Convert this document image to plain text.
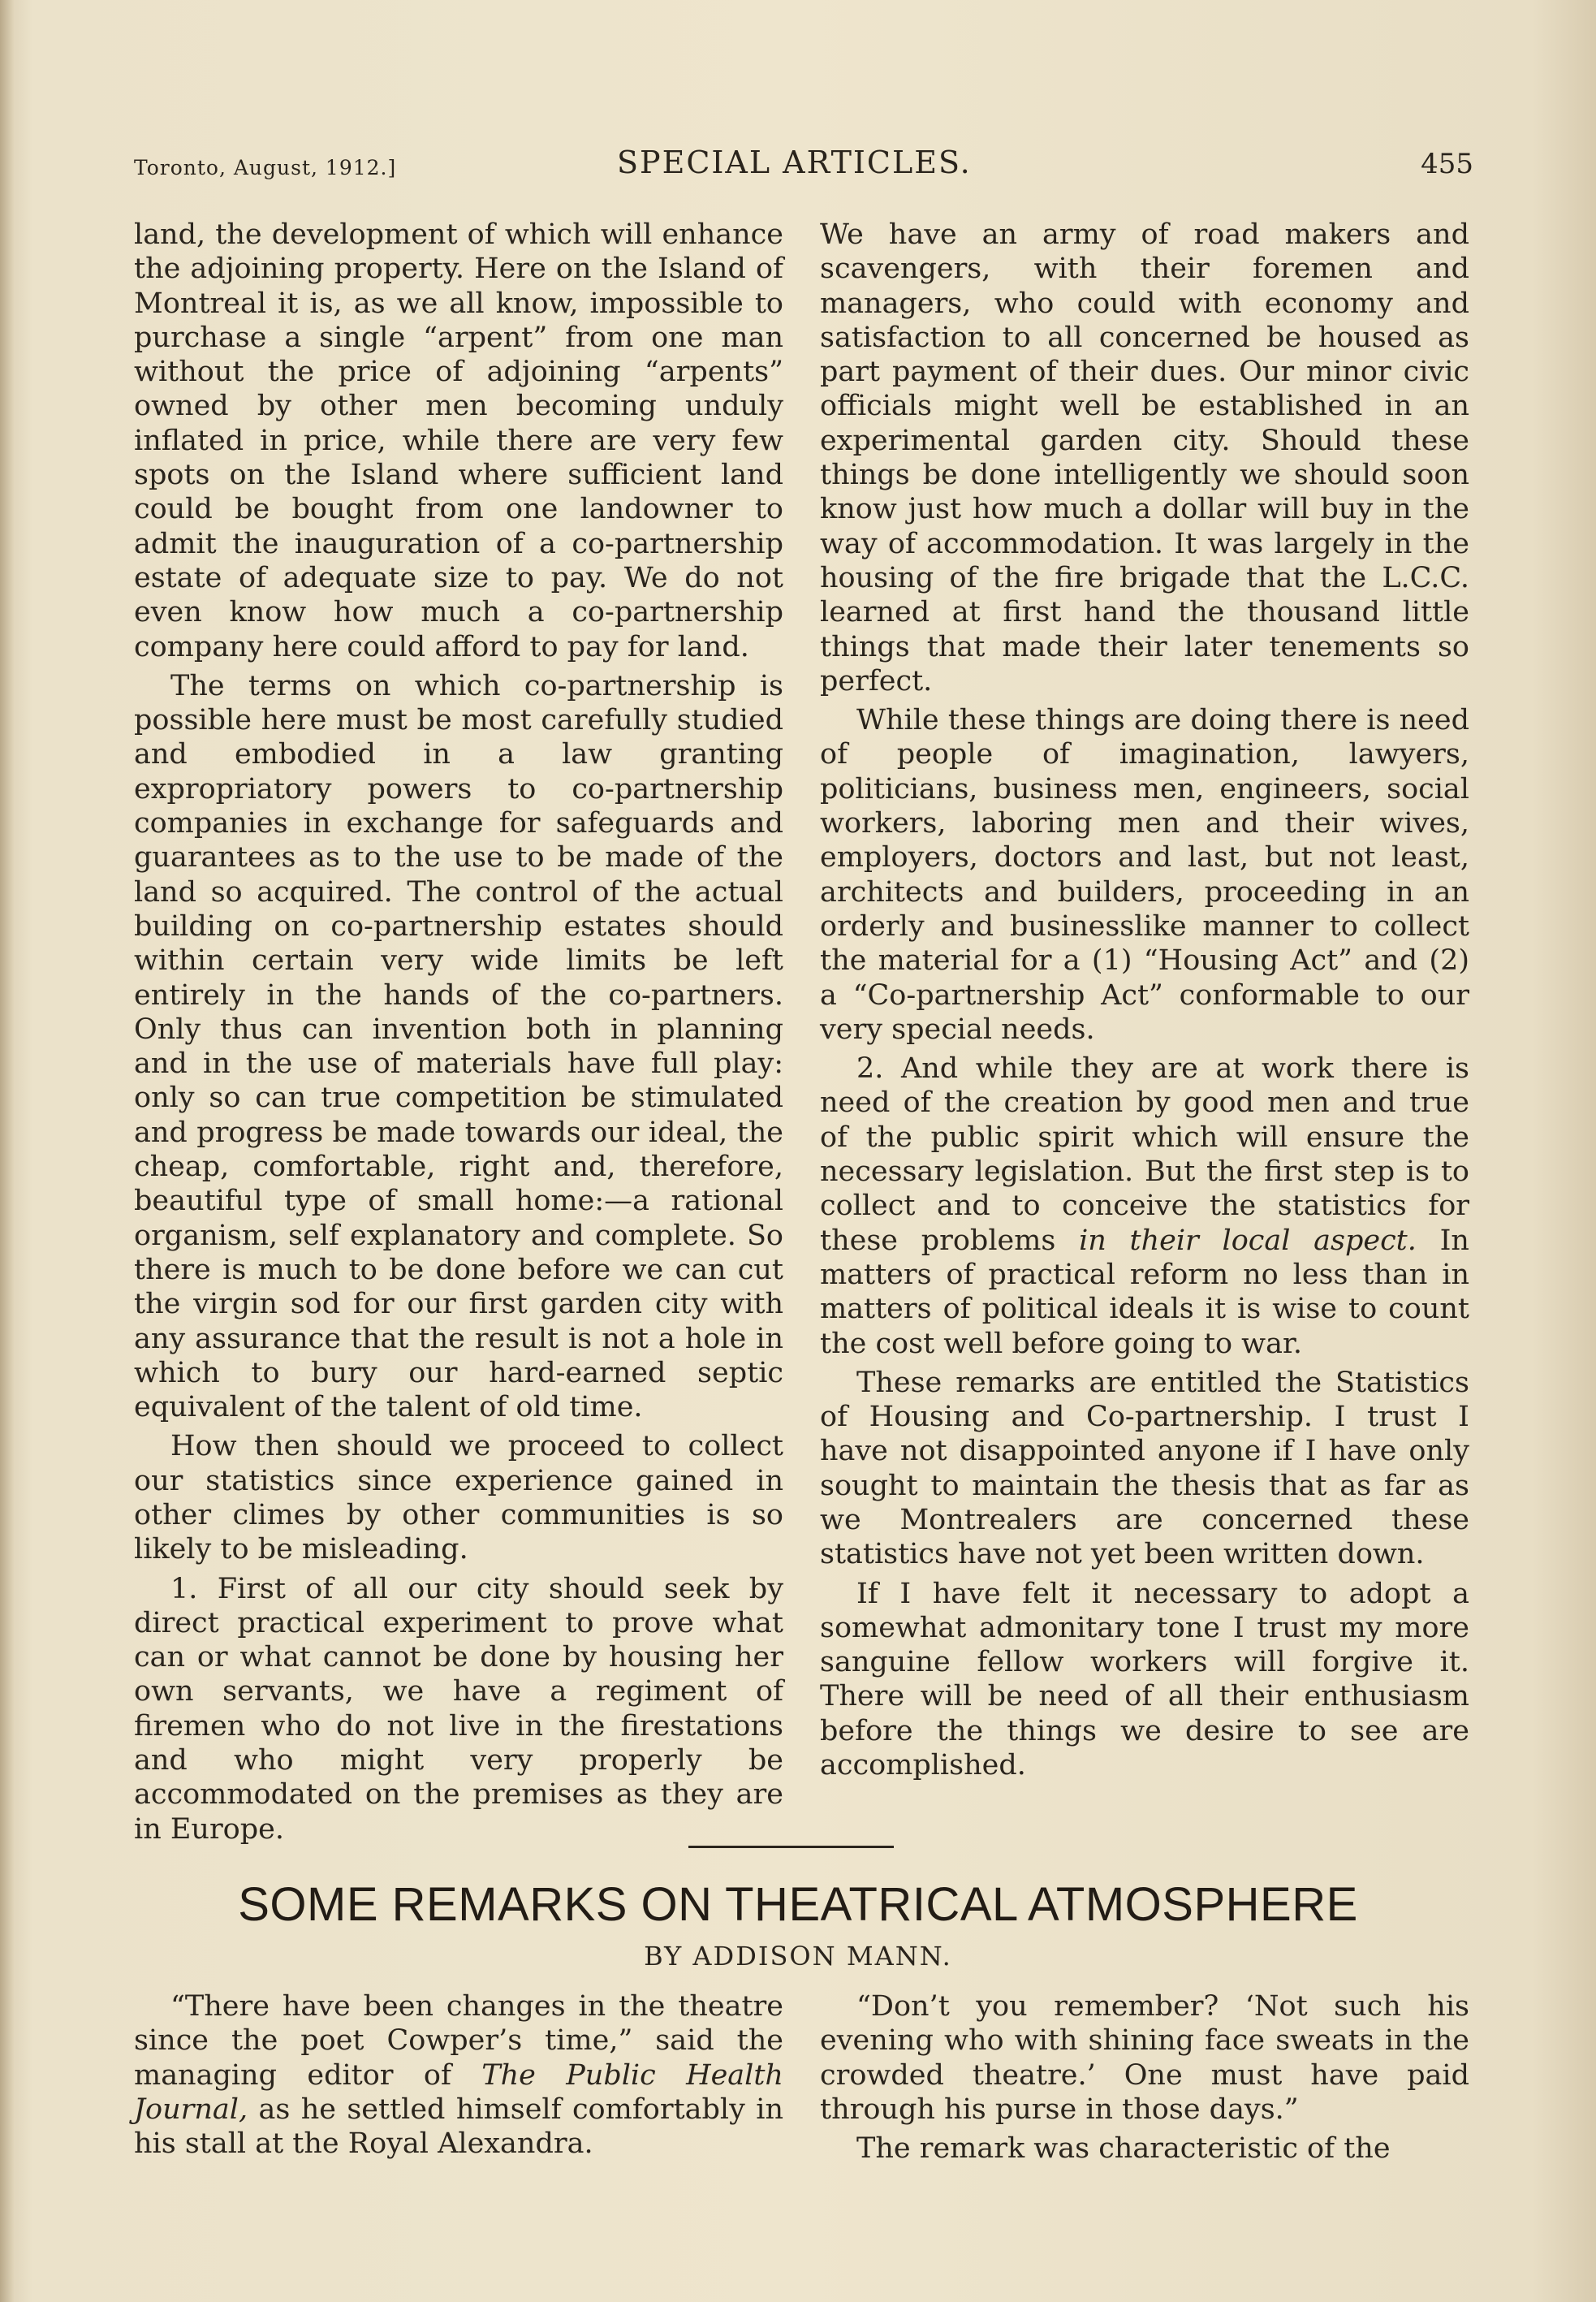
Toronto, August, 1912.]	SPECIAL ARTICLES.	455

land, the development of which will enhance the adjoining property. Here on the Island of Montreal it is, as we all know, impossible to purchase a single “arpent” from one man without the price of adjoining “arpents” owned by other men becoming unduly inflated in price, while there are very few spots on the Island where sufficient land could be bought from one landowner to admit the inauguration of a co-partnership estate of adequate size to pay. We do not even know how much a co-partnership company here could afford to pay for land.

The terms on which co-partnership is possible here must be most carefully studied and embodied in a law granting expropriatory powers to co-partnership companies in exchange for safeguards and guarantees as to the use to be made of the land so acquired. The control of the actual building on co-partnership estates should within certain very wide limits be left entirely in the hands of the co-partners. Only thus can invention both in planning and in the use of materials have full play: only so can true competition be stimulated and progress be made towards our ideal, the cheap, comfortable, right and, therefore, beautiful type of small home:—a rational organism, self explanatory and complete. So there is much to be done before we can cut the virgin sod for our first garden city with any assurance that the result is not a hole in which to bury our hard-earned septic equivalent of the talent of old time.

How then should we proceed to collect our statistics since experience gained in other climes by other communities is so likely to be misleading.

1. First of all our city should seek by direct practical experiment to prove what can or what cannot be done by housing her own servants, we have a regiment of firemen who do not live in the firestations and who might very properly be accommodated on the premises as they are in Europe.

We have an army of road makers and scavengers, with their foremen and managers, who could with economy and satisfaction to all concerned be housed as part payment of their dues. Our minor civic officials might well be established in an experimental garden city. Should these things be done intelligently we should soon know just how much a dollar will buy in the way of accommodation. It was largely in the housing of the fire brigade that the L.C.C. learned at first hand the thousand little things that made their later tenements so perfect.

While these things are doing there is need of people of imagination, lawyers, politicians, business men, engineers, social workers, laboring men and their wives, employers, doctors and last, but not least, architects and builders, proceeding in an orderly and businesslike manner to collect the material for a (1) “Housing Act” and (2) a “Co-partnership Act” conformable to our very special needs.

2. And while they are at work there is need of the creation by good men and true of the public spirit which will ensure the necessary legislation. But the first step is to collect and to conceive the statistics for these problems in their local aspect. In matters of practical reform no less than in matters of political ideals it is wise to count the cost well before going to war.

These remarks are entitled the Statistics of Housing and Co-partnership. I trust I have not disappointed anyone if I have only sought to maintain the thesis that as far as we Montrealers are concerned these statistics have not yet been written down.

If I have felt it necessary to adopt a somewhat admonitary tone I trust my more sanguine fellow workers will forgive it. There will be need of all their enthusiasm before the things we desire to see are accomplished.

SOME REMARKS ON THEATRICAL ATMOSPHERE
BY ADDISON MANN.

“There have been changes in the theatre since the poet Cowper’s time,” said the managing editor of The Public Health Journal, as he settled himself comfortably in his stall at the Royal Alexandra.

“Don’t you remember? ‘Not such his evening who with shining face sweats in the crowded theatre.’ One must have paid through his purse in those days.”

The remark was characteristic of the
